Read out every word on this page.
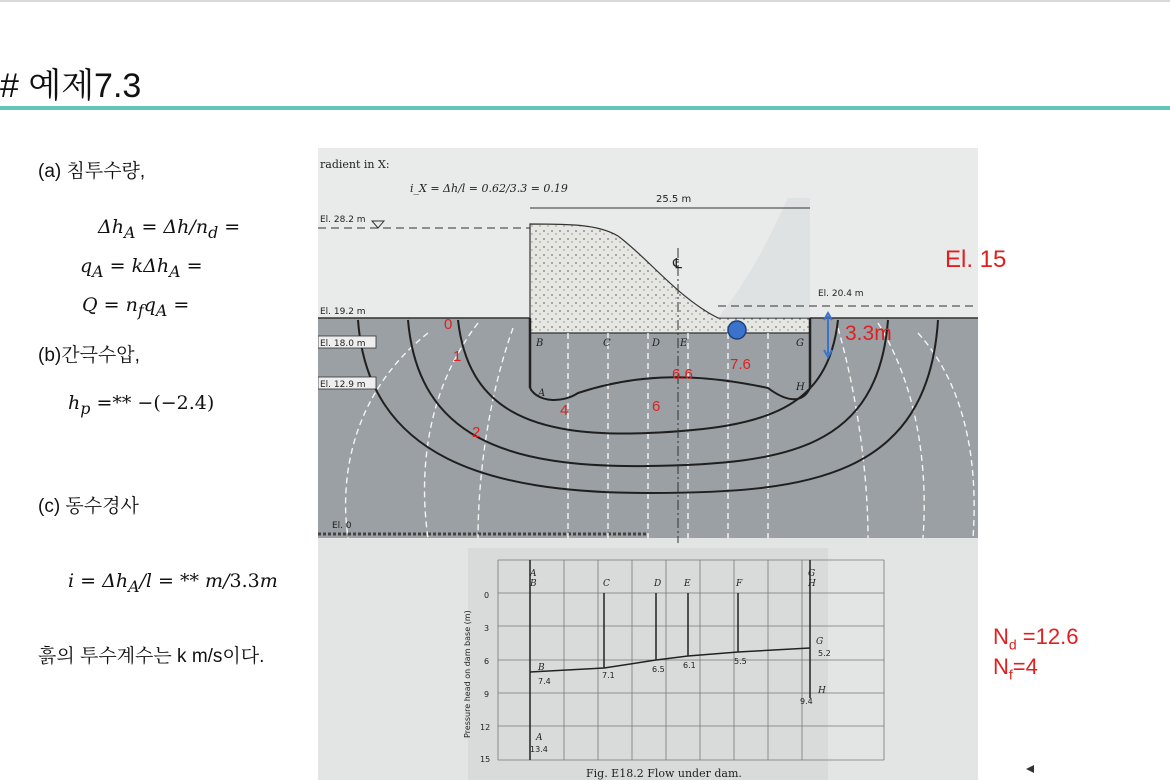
# 예제7.3
(a) 침투수량,
$\Delta h_A = \Delta h/n_d$ =
$q_A = k\Delta h_A$ =
$Q = n_fq_A$ =
(b)간극수압,
$h_p$ =** −(−2.4)
(c) 동수경사
$i = \Delta h_A/l$ = ** m/3.3m
흙의 투수계수는 k m/s이다.
℄
radient in X:
i_X = Δh/l = 0.62/3.3 = 0.19
25.5 m
El. 28.2 m
El. 19.2 m
El. 18.0 m
El. 12.9 m
El. 0
El. 20.4 m
B	C	D E	G
A
H
0
3
6
9
12
15
Pressure head on dam base (m)
A
B	C	D	E	F
G
H
7.4
7.1
6.5 6.1	5.5
5.2
9.4
13.4
B
G
H
A
Fig. E18.2 Flow under dam.
El. 15
3.3m
0
1
2
4	6
6.6
7.6
$N_d =12.6$
$N_f=4$
